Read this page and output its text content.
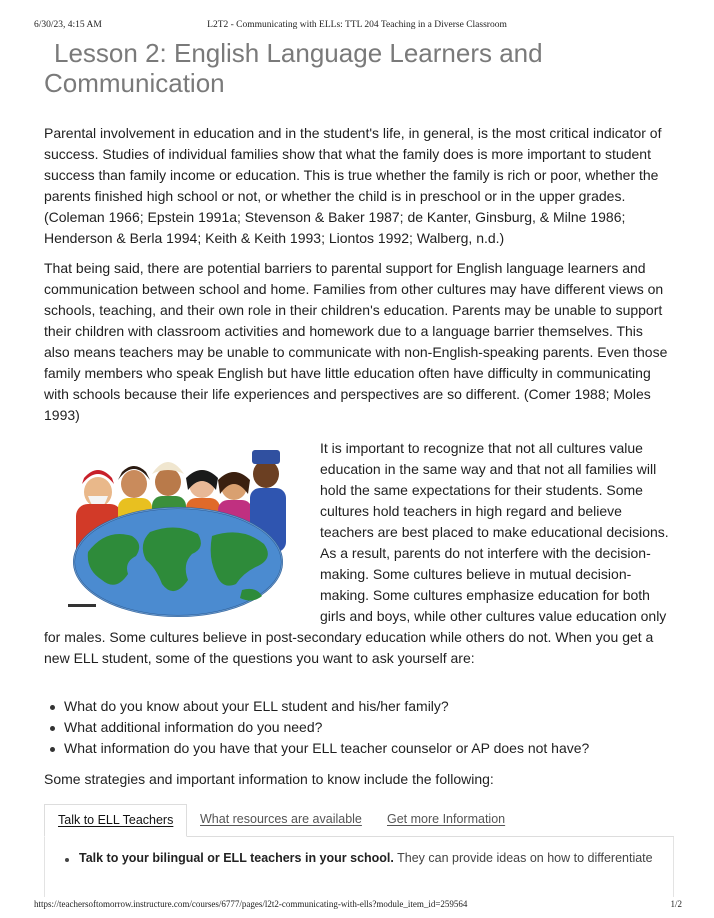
6/30/23, 4:15 AM	L2T2 - Communicating with ELLs: TTL 204 Teaching in a Diverse Classroom
Lesson 2: English Language Learners and Communication

Parental involvement in education and in the student's life, in general, is the most critical indicator of success. Studies of individual families show that what the family does is more important to student success than family income or education. This is true whether the family is rich or poor, whether the parents finished high school or not, or whether the child is in preschool or in the upper grades. (Coleman 1966; Epstein 1991a; Stevenson & Baker 1987; de Kanter, Ginsburg, & Milne 1986; Henderson & Berla 1994; Keith & Keith 1993; Liontos 1992; Walberg, n.d.)

That being said, there are potential barriers to parental support for English language learners and communication between school and home. Families from other cultures may have different views on schools, teaching, and their own role in their children's education. Parents may be unable to support their children with classroom activities and homework due to a language barrier themselves. This also means teachers may be unable to communicate with non-English-speaking parents. Even those family members who speak English but have little education often have difficulty in communicating with schools because their life experiences and perspectives are so different. (Comer 1988; Moles 1993)

It is important to recognize that not all cultures value education in the same way and that not all families will hold the same expectations for their students. Some cultures hold teachers in high regard and believe teachers are best placed to make educational decisions. As a result, parents do not interfere with the decision-making. Some cultures believe in mutual decision-making. Some cultures emphasize education for both girls and boys, while other cultures value education only for males. Some cultures believe in post-secondary education while others do not. When you get a new ELL student, some of the questions you want to ask yourself are:

What do you know about your ELL student and his/her family?
What additional information do you need?
What information do you have that your ELL teacher counselor or AP does not have?

Some strategies and important information to know include the following:

Talk to ELL Teachers	What resources are available	Get more Information
Talk to your bilingual or ELL teachers in your school. They can provide ideas on how to differentiate
https://teachersoftomorrow.instructure.com/courses/6777/pages/l2t2-communicating-with-ells?module_item_id=259564	1/2
